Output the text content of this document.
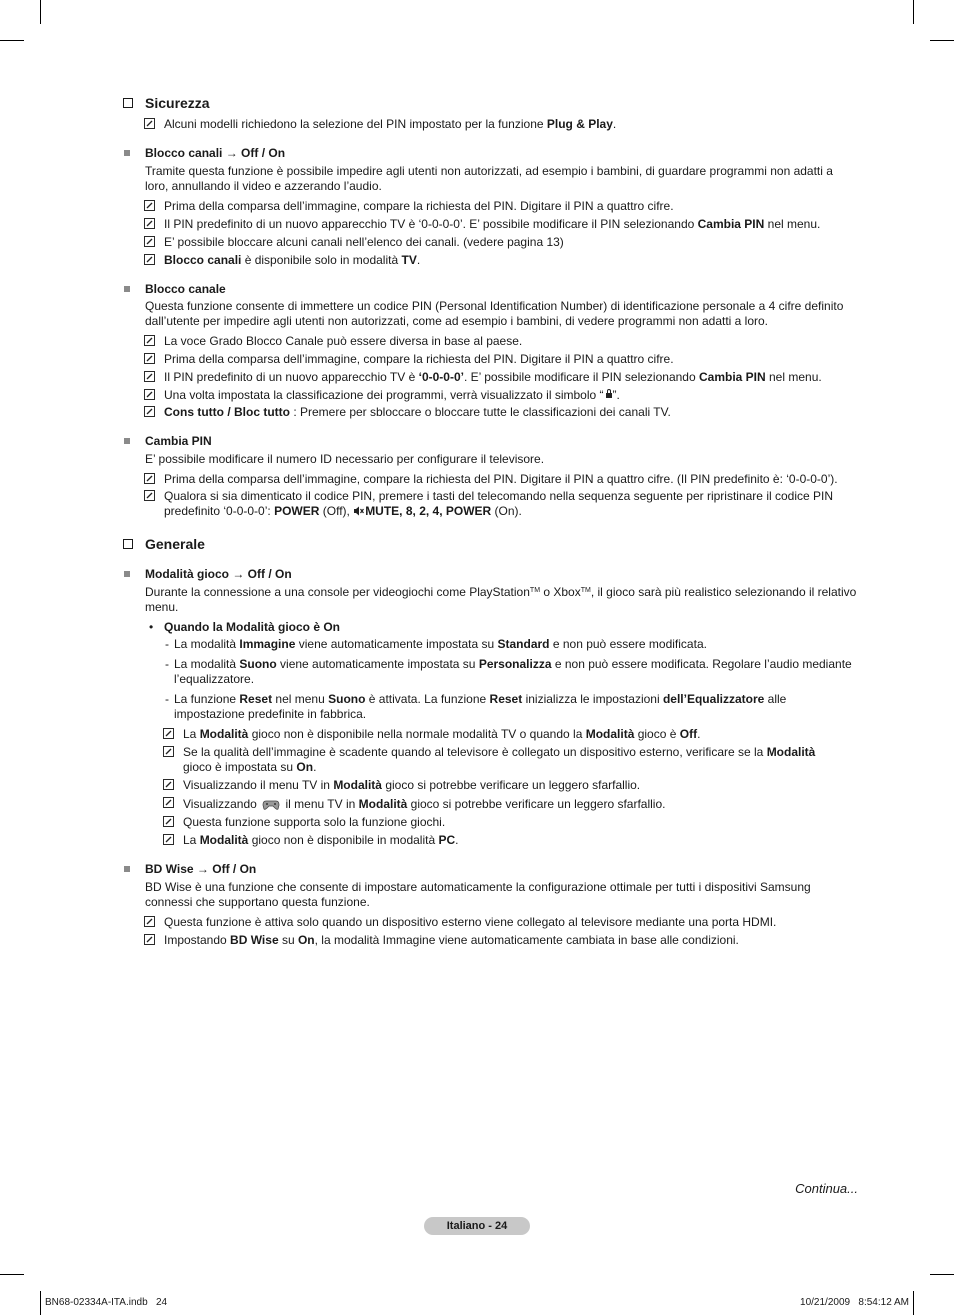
Sicurezza
Alcuni modelli richiedono la selezione del PIN impostato per la funzione Plug & Play.
Blocco canali → Off / On
Tramite questa funzione è possibile impedire agli utenti non autorizzati, ad esempio i bambini, di guardare programmi non adatti a loro, annullando il video e azzerando l’audio.
Prima della comparsa dell’immagine, compare la richiesta del PIN. Digitare il PIN a quattro cifre.
Il PIN predefinito di un nuovo apparecchio TV è ‘0-0-0-0’. E’ possibile modificare il PIN selezionando Cambia PIN nel menu.
E’ possibile bloccare alcuni canali nell’elenco dei canali. (vedere pagina 13)
Blocco canali è disponibile solo in modalità TV.
Blocco canale
Questa funzione consente di immettere un codice PIN (Personal Identification Number) di identificazione personale a 4 cifre definito dall’utente per impedire agli utenti non autorizzati, come ad esempio i bambini, di vedere programmi non adatti a loro.
La voce Grado Blocco Canale può essere diversa in base al paese.
Prima della comparsa dell’immagine, compare la richiesta del PIN. Digitare il PIN a quattro cifre.
Il PIN predefinito di un nuovo apparecchio TV è ‘0-0-0-0’. E’ possibile modificare il PIN selezionando Cambia PIN nel menu.
Una volta impostata la classificazione dei programmi, verrà visualizzato il simbolo “ ”.
Cons tutto / Bloc tutto : Premere per sbloccare o bloccare tutte le classificazioni dei canali TV.
Cambia PIN
E’ possibile modificare il numero ID necessario per configurare il televisore.
Prima della comparsa dell’immagine, compare la richiesta del PIN. Digitare il PIN a quattro cifre. (Il PIN predefinito è: ‘0-0-0-0’).
Qualora si sia dimenticato il codice PIN, premere i tasti del telecomando nella sequenza seguente per ripristinare il codice PIN predefinito ‘0-0-0-0’: POWER (Off), MUTE, 8, 2, 4, POWER (On).
Generale
Modalità gioco → Off / On
Durante la connessione a una console per videogiochi come PlayStation™ o Xbox™, il gioco sarà più realistico selezionando il relativo menu.
• Quando la Modalità gioco è On
- La modalità Immagine viene automaticamente impostata su Standard e non può essere modificata.
- La modalità Suono viene automaticamente impostata su Personalizza e non può essere modificata. Regolare l’audio mediante l’equalizzatore.
- La funzione Reset nel menu Suono è attivata. La funzione Reset inizializza le impostazioni dell’Equalizzatore alle impostazione predefinite in fabbrica.
La Modalità gioco non è disponibile nella normale modalità TV o quando la Modalità gioco è Off.
Se la qualità dell’immagine è scadente quando al televisore è collegato un dispositivo esterno, verificare se la Modalità gioco è impostata su On.
Visualizzando il menu TV in Modalità gioco si potrebbe verificare un leggero sfarfallio.
Visualizzando  il menu TV in Modalità gioco si potrebbe verificare un leggero sfarfallio.
Questa funzione supporta solo la funzione giochi.
La Modalità gioco non è disponibile in modalità PC.
BD Wise → Off / On
BD Wise è una funzione che consente di impostare automaticamente la configurazione ottimale per tutti i dispositivi Samsung connessi che supportano questa funzione.
Questa funzione è attiva solo quando un dispositivo esterno viene collegato al televisore mediante una porta HDMI.
Impostando BD Wise su On, la modalità Immagine viene automaticamente cambiata in base alle condizioni.
Continua...
Italiano - 24
BN68-02334A-ITA.indb   24	10/21/2009   8:54:12 AM
